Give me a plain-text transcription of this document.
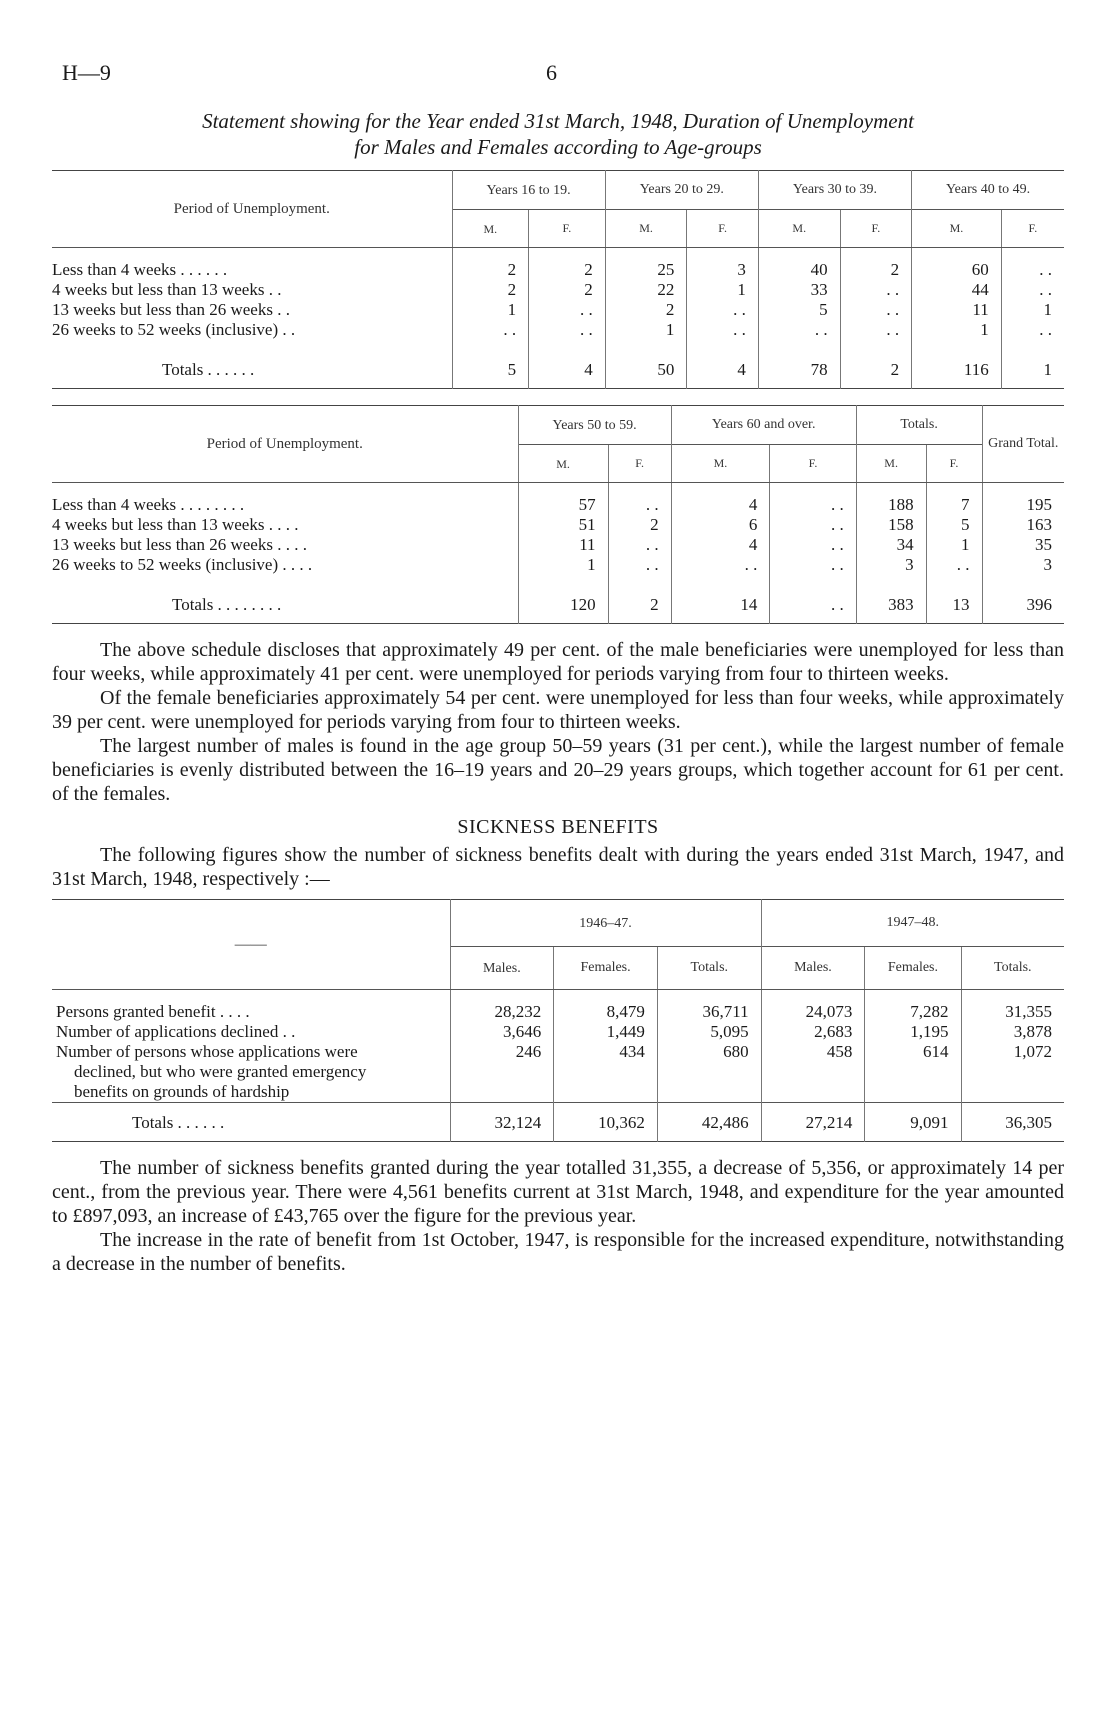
H—9	6
Statement showing for the Year ended 31st March, 1948, Duration of Unemployment
for Males and Females according to Age-groups
Period of Unemployment.	Years 16 to 19.		Years 20 to 29.		Years 30 to 39.		Years 40 to 49.	
	M.	F.	M.	F.	M.	F.	M.	F.

Less than 4 weeks . . . . . .	2	2	25	3	40	2	60	. .
4 weeks but less than 13 weeks . .	2	2	22	1	33	. .	44	. .
13 weeks but less than 26 weeks . .	1	. .	2	. .	5	. .	11	1
26 weeks to 52 weeks (inclusive) . .	. .	. .	1	. .	. .	. .	1	. .

Totals . . . . . .	5	4	50	4	78	2	116	1
Period of Unemployment.	Years 50 to 59.		Years 60 and over.		Totals.		Grand Total.
	M.	F.	M.	F.	M.	F.	

Less than 4 weeks . . . . . . . .	57	. .	4	. .	188	7	195
4 weeks but less than 13 weeks . . . .	51	2	6	. .	158	5	163
13 weeks but less than 26 weeks . . . .	11	. .	4	. .	34	1	35
26 weeks to 52 weeks (inclusive) . . . .	1	. .	. .	. .	3	. .	3

Totals . . . . . . . .	120	2	14	. .	383	13	396

The above schedule discloses that approximately 49 per cent. of the male beneficiaries were unemployed for less than four weeks, while approximately 41 per cent. were unemployed for periods varying from four to thirteen weeks.

Of the female beneficiaries approximately 54 per cent. were unemployed for less than four weeks, while approximately 39 per cent. were unemployed for periods varying from four to thirteen weeks.

The largest number of males is found in the age group 50–59 years (31 per cent.), while the largest number of female beneficiaries is evenly distributed between the 16–19 years and 20–29 years groups, which together account for 61 per cent. of the females.

SICKNESS BENEFITS

The following figures show the number of sickness benefits dealt with during the years ended 31st March, 1947, and 31st March, 1948, respectively :—

——	1946–47.			1947–48.		
	Males.	Females.	Totals.	Males.	Females.	Totals.

Persons granted benefit . . . .	28,232	8,479	36,711	24,073	7,282	31,355
Number of applications declined . .	3,646	1,449	5,095	2,683	1,195	3,878
Number of persons whose applications were	246	434	680	458	614	1,072
declined, but who were granted emergency						
benefits on grounds of hardship						
Totals . . . . . .	32,124	10,362	42,486	27,214	9,091	36,305

The number of sickness benefits granted during the year totalled 31,355, a decrease of 5,356, or approximately 14 per cent., from the previous year. There were 4,561 benefits current at 31st March, 1948, and expenditure for the year amounted to £897,093, an increase of £43,765 over the figure for the previous year.

The increase in the rate of benefit from 1st October, 1947, is responsible for the increased expenditure, notwithstanding a decrease in the number of benefits.
